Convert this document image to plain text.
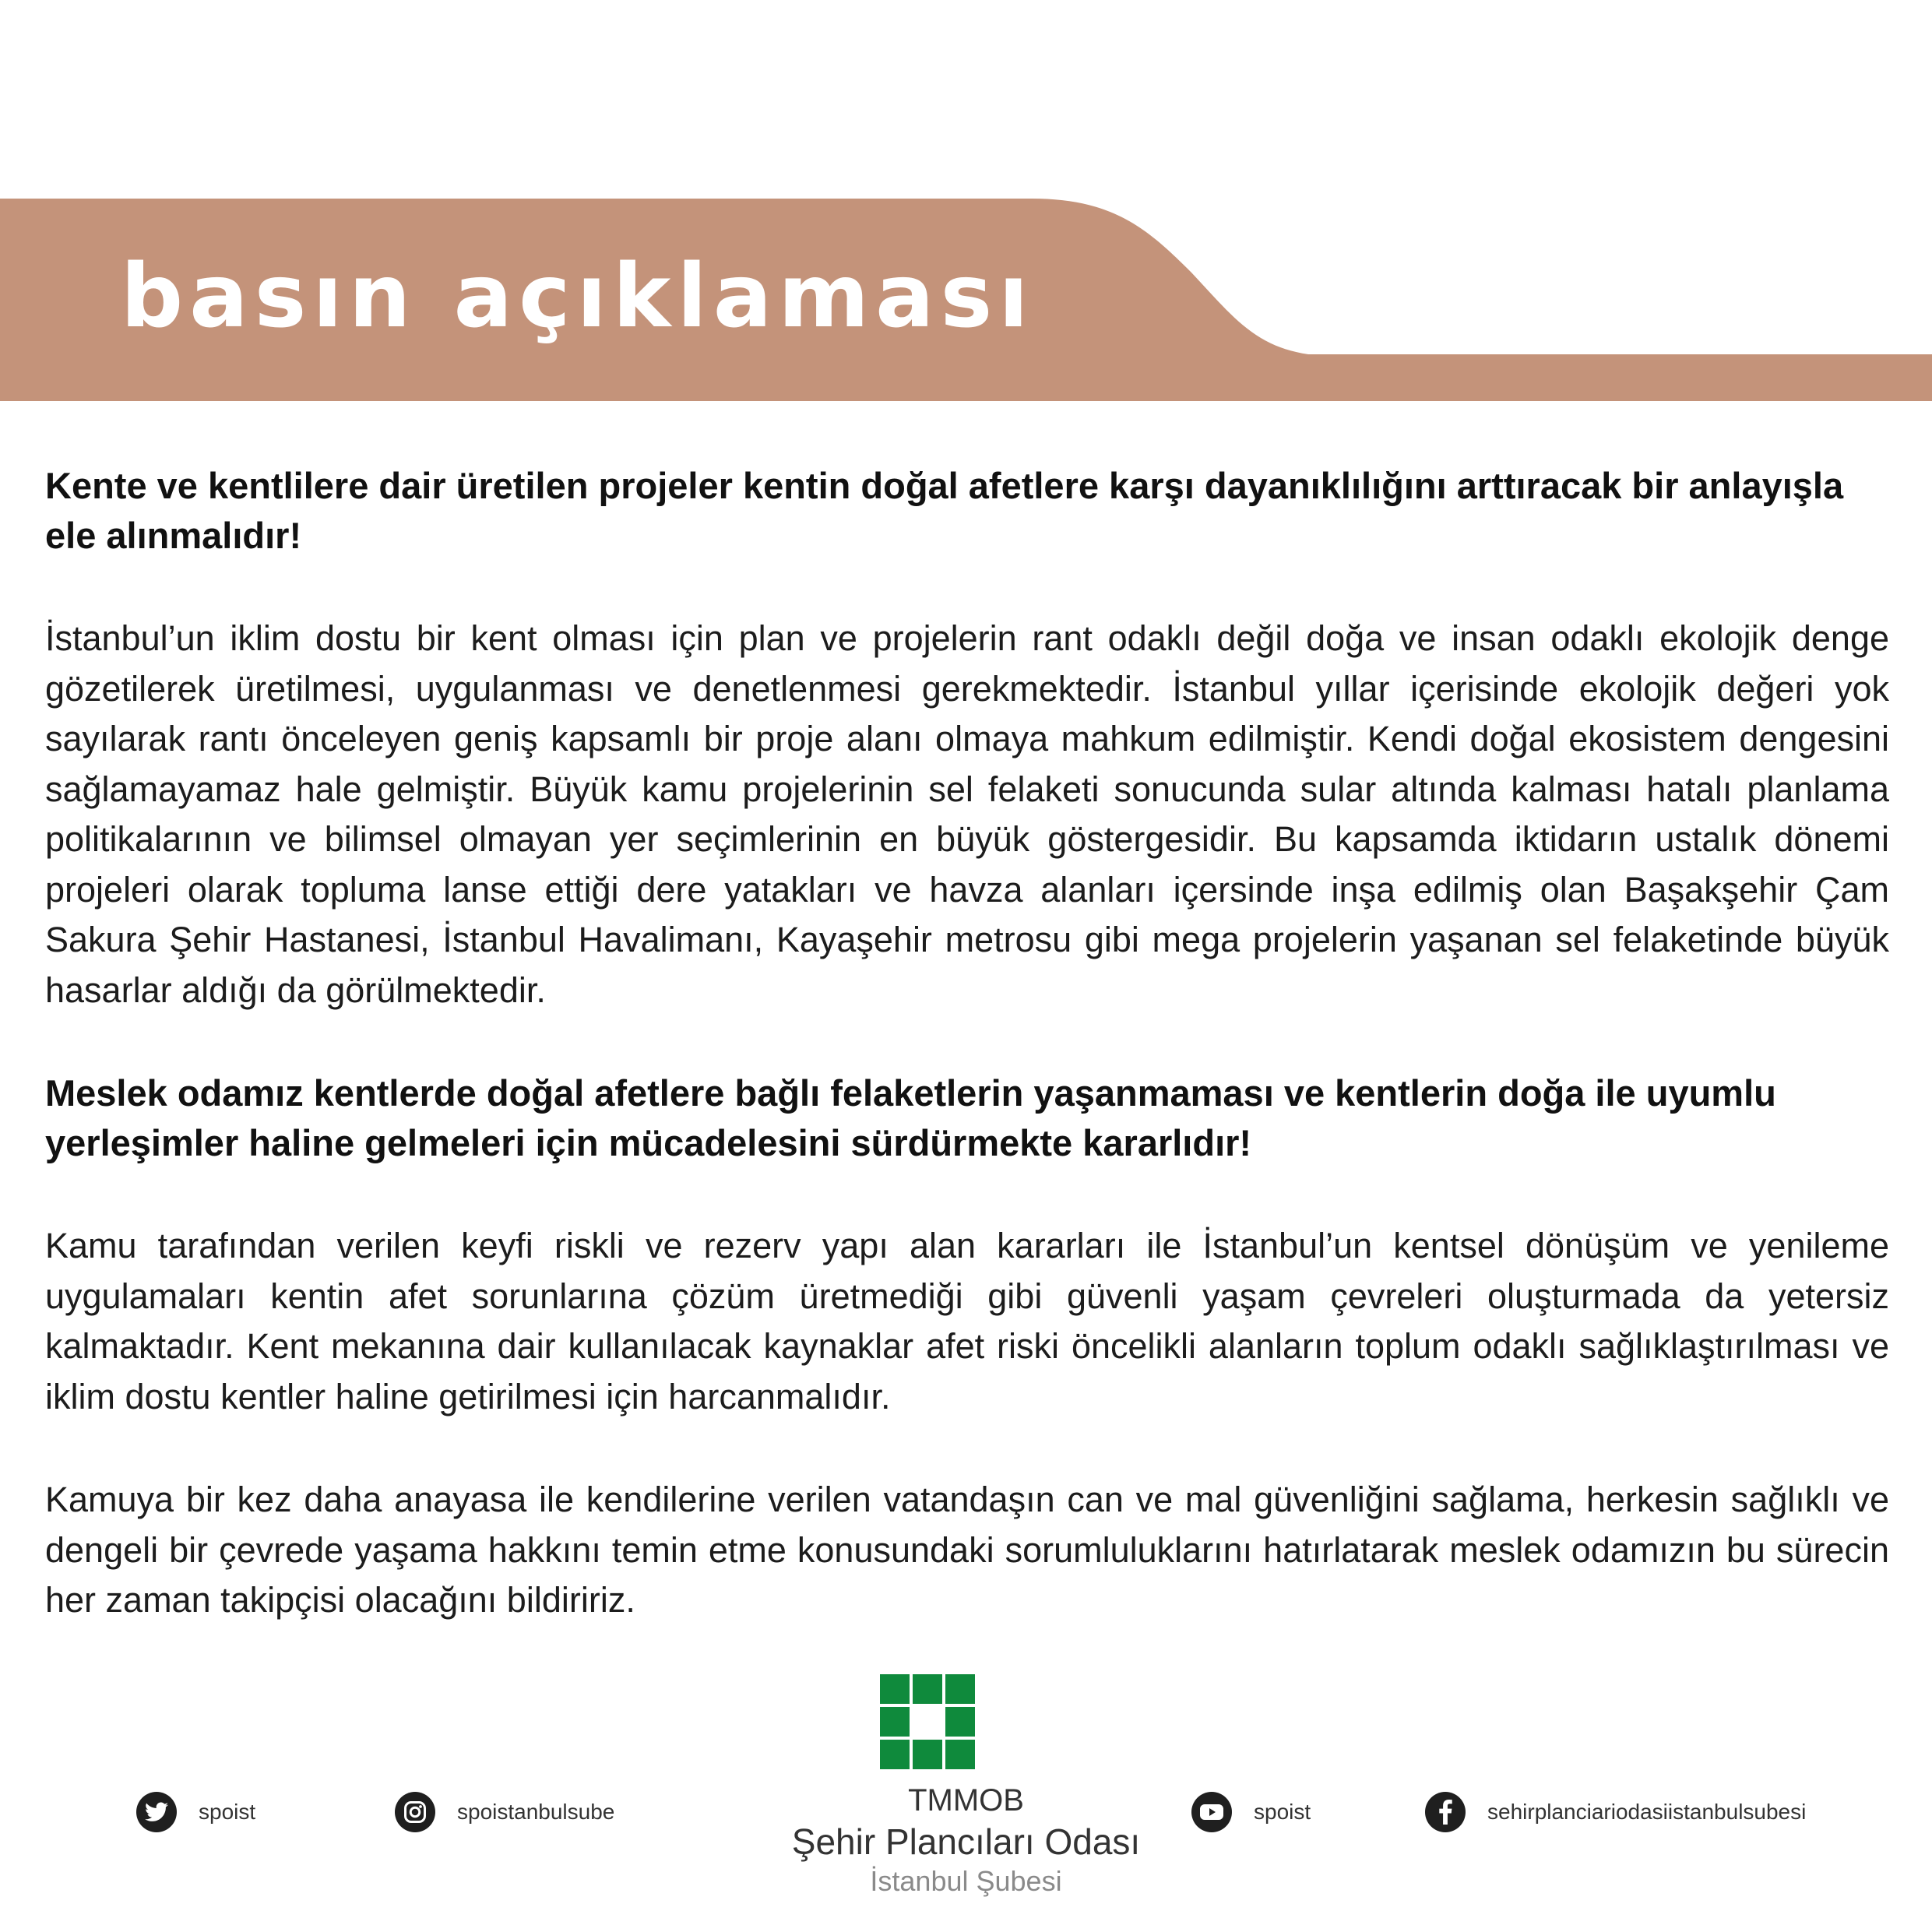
basın açıklaması

Kente ve kentlilere dair üretilen projeler kentin doğal afetlere karşı dayanıklılığını arttıracak bir anlayışla ele alınmalıdır!

İstanbul’un iklim dostu bir kent olması için plan ve projelerin rant odaklı değil doğa ve insan odaklı ekolojik denge gözetilerek üretilmesi, uygulanması ve denetlenmesi gerekmektedir. İstanbul yıllar içerisinde ekolojik değeri yok sayılarak rantı önceleyen geniş kapsamlı bir proje alanı olmaya mahkum edilmiştir. Kendi doğal ekosistem dengesini sağlamayamaz hale gelmiştir. Büyük kamu projelerinin sel felaketi sonucunda sular altında kalması hatalı planlama politikalarının ve bilimsel olmayan yer seçimlerinin en büyük göstergesidir. Bu kapsamda iktidarın ustalık dönemi projeleri olarak topluma lanse ettiği dere yatakları ve havza alanları içersinde inşa edilmiş olan Başakşehir Çam Sakura Şehir Hastanesi, İstanbul Havalimanı, Kayaşehir metrosu gibi mega projelerin yaşanan sel felaketinde büyük hasarlar aldığı da görülmektedir.

Meslek odamız kentlerde doğal afetlere bağlı felaketlerin yaşanmaması ve kentlerin doğa ile uyumlu yerleşimler haline gelmeleri için mücadelesini sürdürmekte kararlıdır!

Kamu tarafından verilen keyfi riskli ve rezerv yapı alan kararları ile İstanbul’un kentsel dönüşüm ve yenileme uygulamaları kentin afet sorunlarına çözüm üretmediği gibi güvenli yaşam çevreleri oluşturmada da yetersiz kalmaktadır. Kent mekanına dair kullanılacak kaynaklar afet riski öncelikli alanların toplum odaklı sağlıklaştırılması ve iklim dostu kentler haline getirilmesi için harcanmalıdır.

Kamuya bir kez daha anayasa ile kendilerine verilen vatandaşın can ve mal güvenliğini sağlama, herkesin sağlıklı ve dengeli bir çevrede yaşama hakkını temin etme konusundaki sorumluluklarını hatırlatarak meslek odamızın bu sürecin her zaman takipçisi olacağını bildiririz.

spoist	spoistanbulsube	spoist	sehirplanciariodasiistanbulsubesi
TMMOB
Şehir Plancıları Odası
İstanbul Şubesi
